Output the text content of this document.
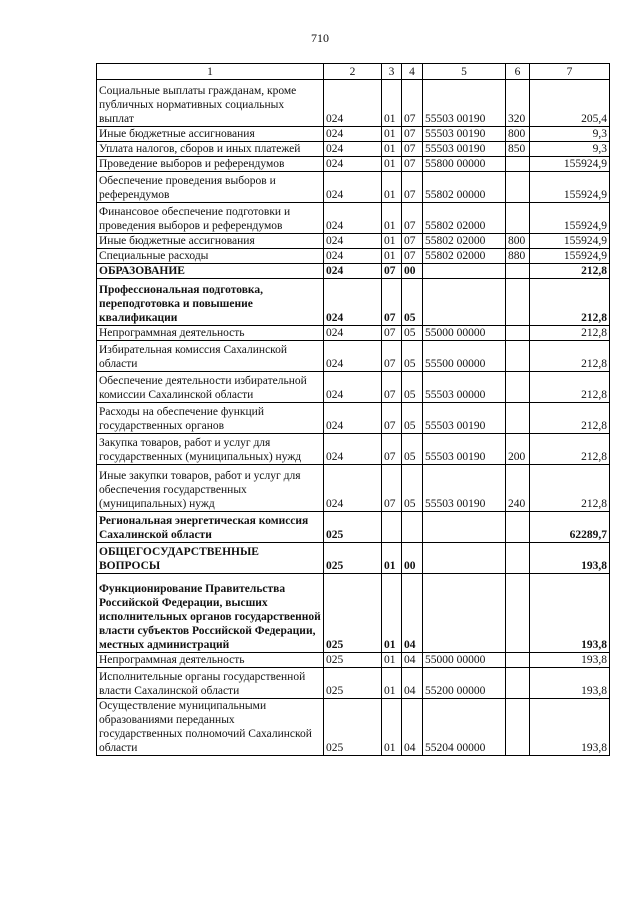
710
1	2	3	4	5	6	7
Социальные выплаты гражданам, кроме публичных нормативных социальных выплат	024	01	07	55503 00190	320	205,4
Иные бюджетные ассигнования	024	01	07	55503 00190	800	9,3
Уплата налогов, сборов и иных платежей	024	01	07	55503 00190	850	9,3
Проведение выборов и референдумов	024	01	07	55800 00000		155924,9
Обеспечение проведения выборов и референдумов	024	01	07	55802 00000		155924,9
Финансовое обеспечение подготовки и проведения выборов и референдумов	024	01	07	55802 02000		155924,9
Иные бюджетные ассигнования	024	01	07	55802 02000	800	155924,9
Специальные расходы	024	01	07	55802 02000	880	155924,9
ОБРАЗОВАНИЕ	024	07	00			212,8
Профессиональная подготовка, переподготовка и повышение квалификации	024	07	05			212,8
Непрограммная деятельность	024	07	05	55000 00000		212,8
Избирательная комиссия Сахалинской области	024	07	05	55500 00000		212,8
Обеспечение деятельности избирательной комиссии Сахалинской области	024	07	05	55503 00000		212,8
Расходы на обеспечение функций государственных органов	024	07	05	55503 00190		212,8
Закупка товаров, работ и услуг для государственных (муниципальных) нужд	024	07	05	55503 00190	200	212,8
Иные закупки товаров, работ и услуг для обеспечения государственных (муниципальных) нужд	024	07	05	55503 00190	240	212,8
Региональная энергетическая комиссия Сахалинской области	025					62289,7
ОБЩЕГОСУДАРСТВЕННЫЕ ВОПРОСЫ	025	01	00			193,8
Функционирование Правительства Российской Федерации, высших исполнительных органов государственной власти субъектов Российской Федерации, местных администраций	025	01	04			193,8
Непрограммная деятельность	025	01	04	55000 00000		193,8
Исполнительные органы государственной власти Сахалинской области	025	01	04	55200 00000		193,8
Осуществление муниципальными образованиями переданных государственных полномочий Сахалинской области	025	01	04	55204 00000		193,8
